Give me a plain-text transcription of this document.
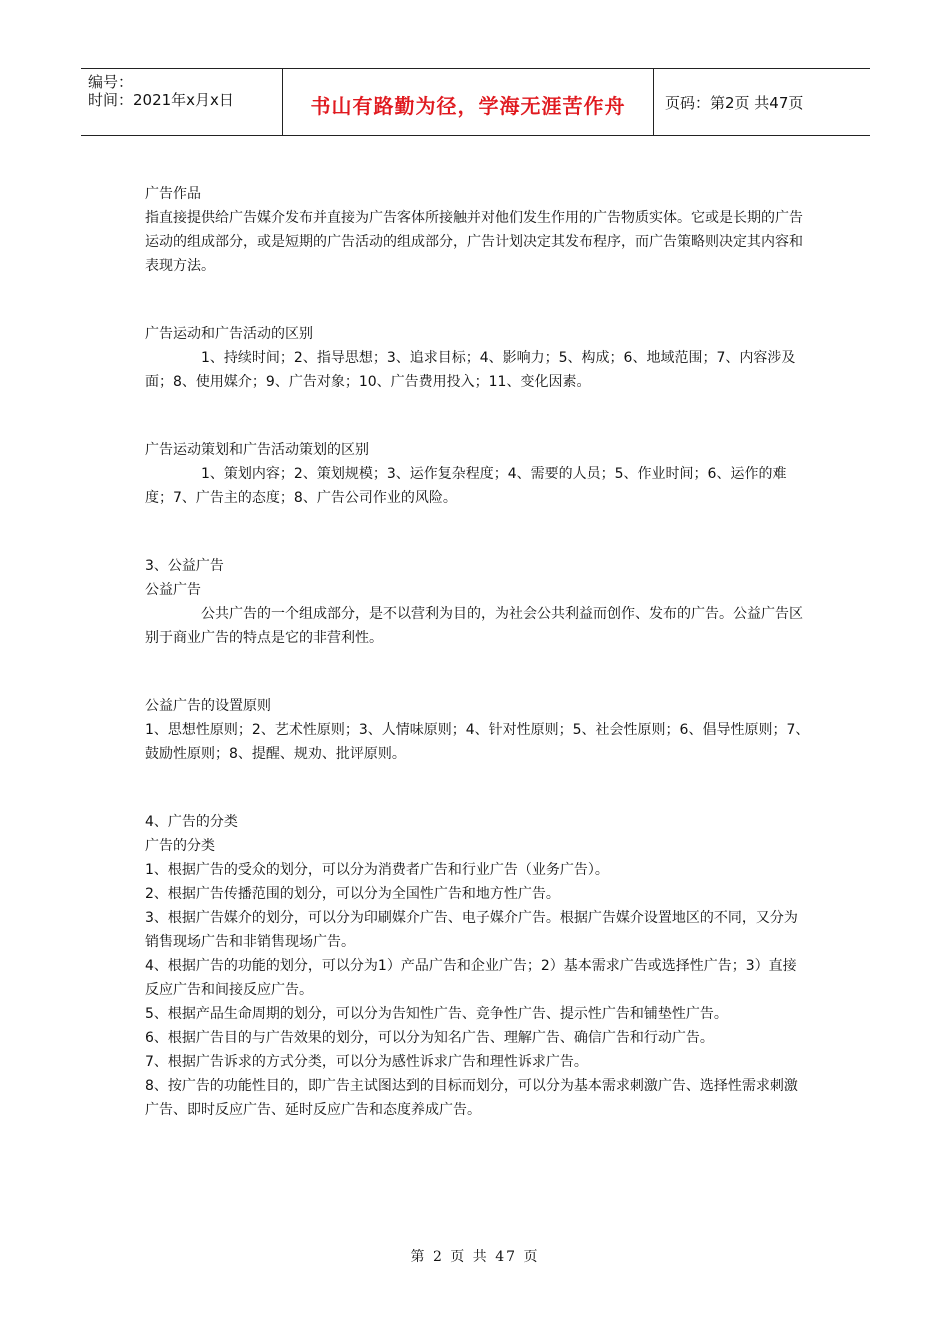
编号：
时间：2021年x月x日	书山有路勤为径，学海无涯苦作舟	页码：第2页 共47页

广告作品

指直接提供给广告媒介发布并直接为广告客体所接触并对他们发生作用的广告物质实体。它或是长期的广告运动的组成部分，或是短期的广告活动的组成部分，广告计划决定其发布程序，而广告策略则决定其内容和表现方法。

广告运动和广告活动的区别

1、持续时间；2、指导思想；3、追求目标；4、影响力；5、构成；6、地域范围；7、内容涉及面；8、使用媒介；9、广告对象；10、广告费用投入；11、变化因素。

广告运动策划和广告活动策划的区别

1、策划内容；2、策划规模；3、运作复杂程度；4、需要的人员；5、作业时间；6、运作的难度；7、广告主的态度；8、广告公司作业的风险。

3、公益广告

公益广告

公共广告的一个组成部分，是不以营利为目的，为社会公共利益而创作、发布的广告。公益广告区别于商业广告的特点是它的非营利性。

公益广告的设置原则

1、思想性原则；2、艺术性原则；3、人情味原则；4、针对性原则；5、社会性原则；6、倡导性原则；7、鼓励性原则；8、提醒、规劝、批评原则。

4、广告的分类

广告的分类

1、根据广告的受众的划分，可以分为消费者广告和行业广告（业务广告）。

2、根据广告传播范围的划分，可以分为全国性广告和地方性广告。

3、根据广告媒介的划分，可以分为印刷媒介广告、电子媒介广告。根据广告媒介设置地区的不同，又分为销售现场广告和非销售现场广告。

4、根据广告的功能的划分，可以分为1）产品广告和企业广告；2）基本需求广告或选择性广告；3）直接反应广告和间接反应广告。

5、根据产品生命周期的划分，可以分为告知性广告、竞争性广告、提示性广告和铺垫性广告。

6、根据广告目的与广告效果的划分，可以分为知名广告、理解广告、确信广告和行动广告。

7、根据广告诉求的方式分类，可以分为感性诉求广告和理性诉求广告。

8、按广告的功能性目的，即广告主试图达到的目标而划分，可以分为基本需求刺激广告、选择性需求刺激广告、即时反应广告、延时反应广告和态度养成广告。

第 2 页 共 47 页
